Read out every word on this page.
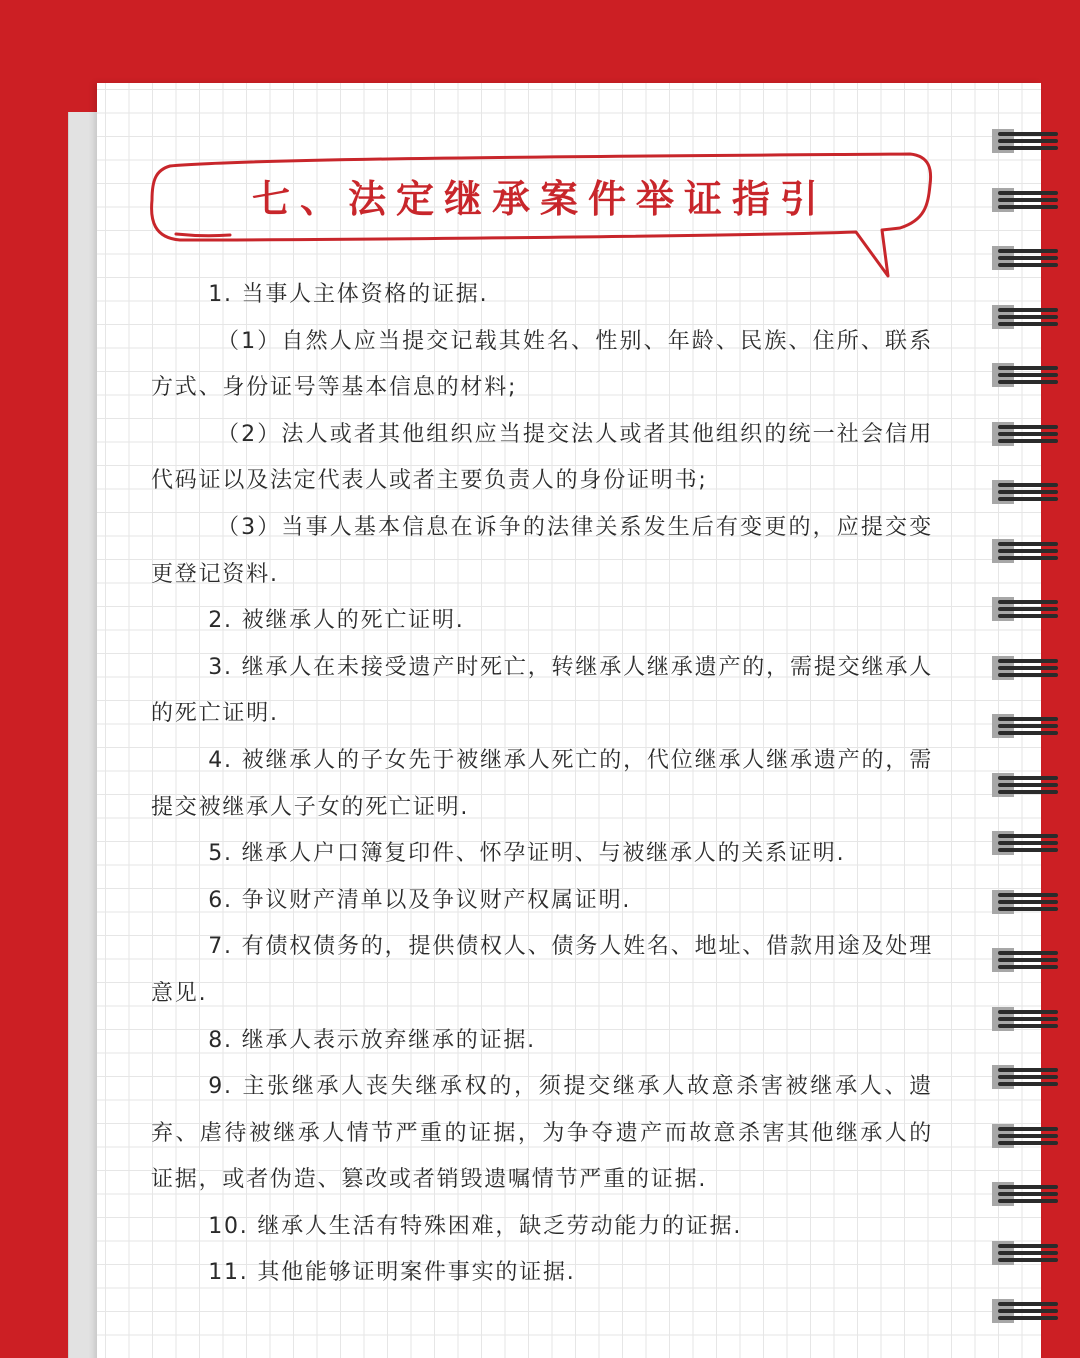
七、法定继承案件举证指引

1. 当事人主体资格的证据.

（1）自然人应当提交记载其姓名、性别、年龄、民族、住所、联系方式、身份证号等基本信息的材料;

（2）法人或者其他组织应当提交法人或者其他组织的统一社会信用代码证以及法定代表人或者主要负责人的身份证明书;

（3）当事人基本信息在诉争的法律关系发生后有变更的，应提交变更登记资料.

2. 被继承人的死亡证明.

3. 继承人在未接受遗产时死亡，转继承人继承遗产的，需提交继承人的死亡证明.

4. 被继承人的子女先于被继承人死亡的，代位继承人继承遗产的，需提交被继承人子女的死亡证明.

5. 继承人户口簿复印件、怀孕证明、与被继承人的关系证明.

6. 争议财产清单以及争议财产权属证明.

7. 有债权债务的，提供债权人、债务人姓名、地址、借款用途及处理意见.

8. 继承人表示放弃继承的证据.

9. 主张继承人丧失继承权的，须提交继承人故意杀害被继承人、遗弃、虐待被继承人情节严重的证据，为争夺遗产而故意杀害其他继承人的证据，或者伪造、篡改或者销毁遗嘱情节严重的证据.

10. 继承人生活有特殊困难，缺乏劳动能力的证据.

11. 其他能够证明案件事实的证据.
